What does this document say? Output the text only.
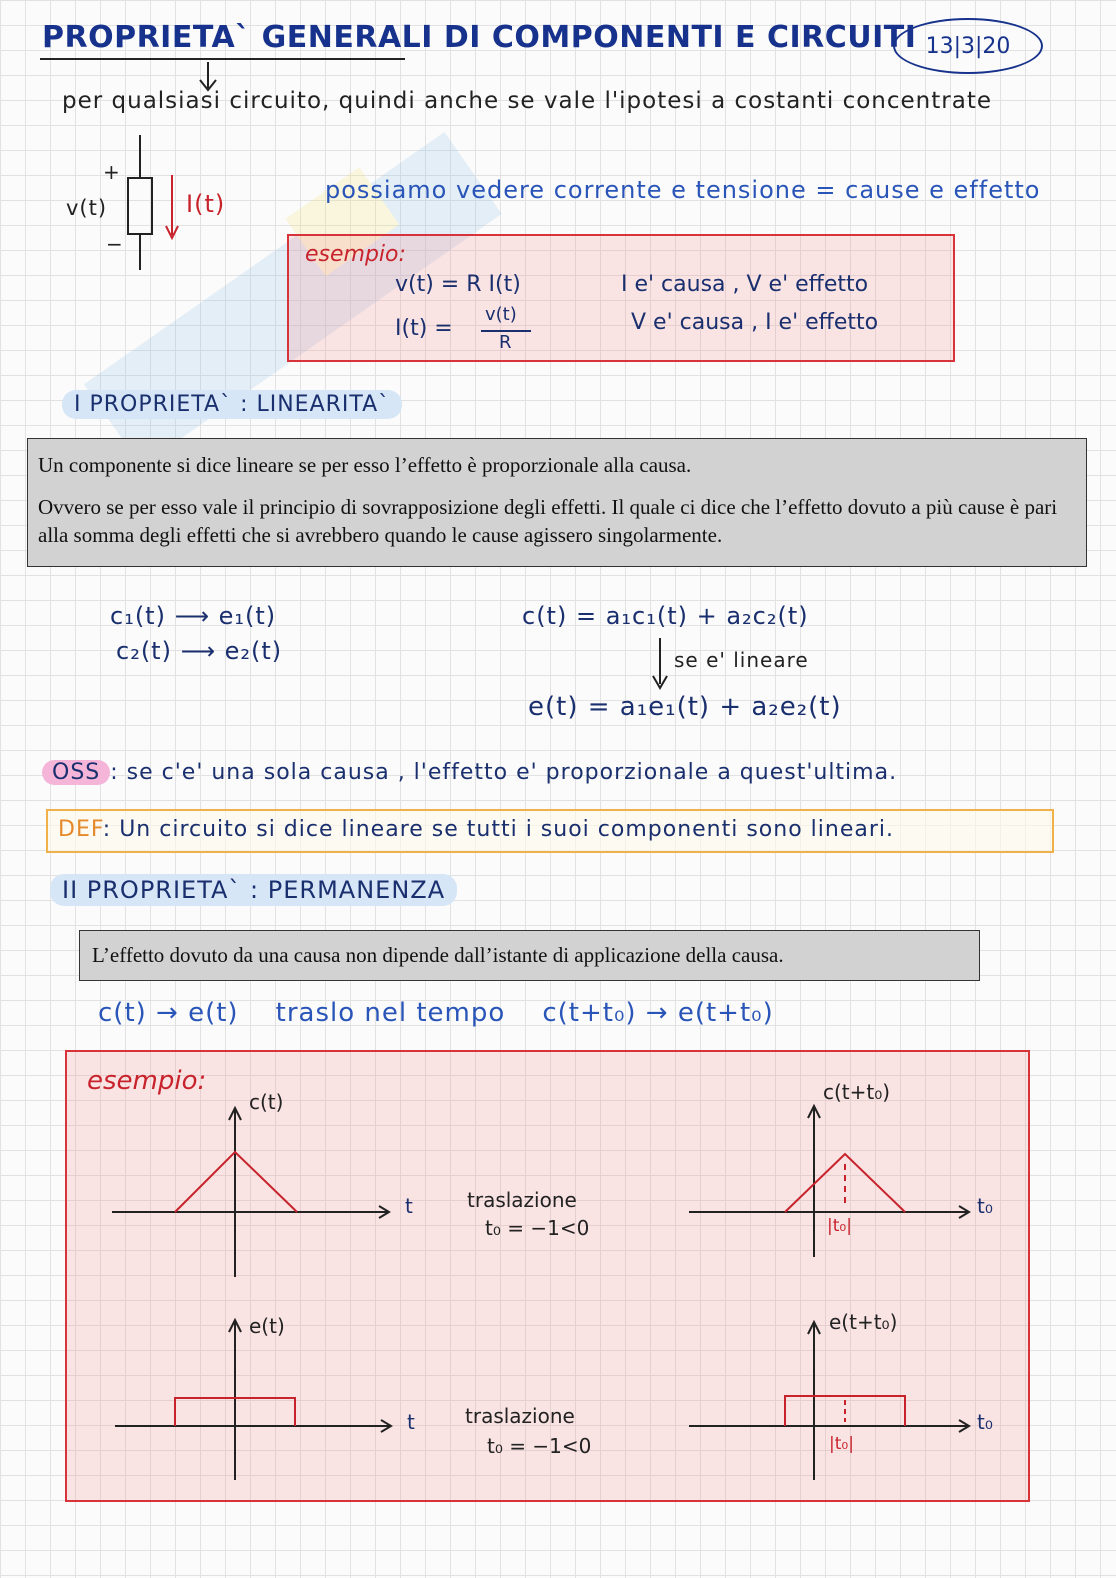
PROPRIETA` GENERALI DI COMPONENTI E CIRCUITI 13|3|20
per qualsiasi circuito, quindi anche se vale l'ipotesi a costanti concentrate
+
−
v(t)	I(t)	possiamo vedere corrente e tensione = cause e effetto
esempio:
v(t) = R I(t)
I(t) =
v(t)
R
I e' causa , V e' effetto
V e' causa , I e' effetto
I PROPRIETA` : LINEARITA`

Un componente si dice lineare se per esso l’effetto è proporzionale alla causa.

Ovvero se per esso vale il principio di sovrapposizione degli effetti. Il quale ci dice che l’effetto dovuto a più cause è pari alla somma degli effetti che si avrebbero quando le cause agissero singolarmente.

c₁(t) ⟶ e₁(t)
c₂(t) ⟶ e₂(t)
c(t) = a₁c₁(t) + a₂c₂(t)
se e' lineare
e(t) = a₁e₁(t) + a₂e₂(t)
OSS : se c'e' una sola causa , l'effetto e' proporzionale a quest'ultima.
DEF: Un circuito si dice lineare se tutti i suoi componenti sono lineari.
II PROPRIETA` : PERMANENZA
L’effetto dovuto da una causa non dipende dall’istante di applicazione della causa.
c(t) → e(t)    traslo nel tempo    c(t+t₀) → e(t+t₀)
esempio:
c(t)
t	traslazione
t₀ = −1<0
c(t+t₀)
t₀
|t₀|
e(t)
t	traslazione
t₀ = −1<0
e(t+t₀)
t₀
|t₀|
